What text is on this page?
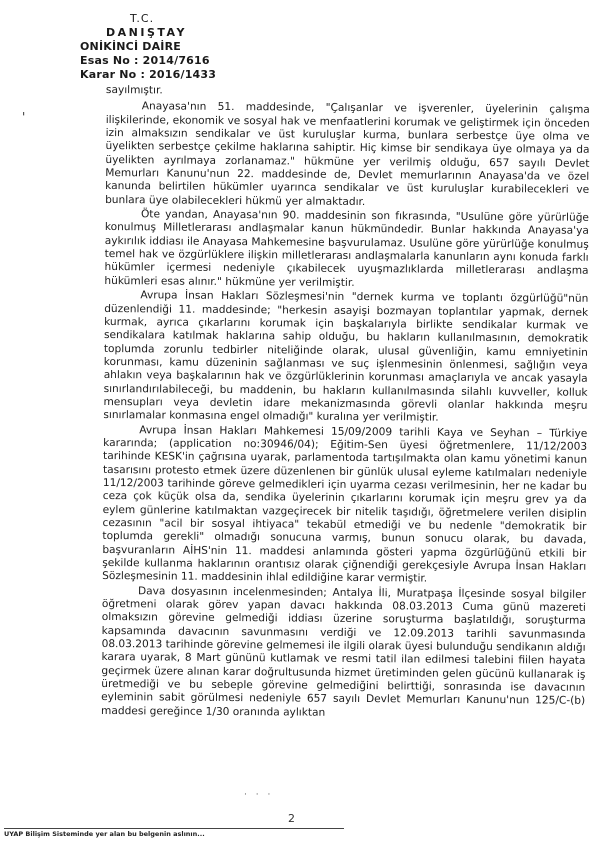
T.C.
DANIŞTAY
ONİKİNCİ DAİRE
Esas No : 2014/7616
Karar No : 2016/1433
'

sayılmıştır.

Anayasa'nın 51. maddesinde, "Çalışanlar ve işverenler, üyelerinin çalışma ilişkilerinde, ekonomik ve sosyal hak ve menfaatlerini korumak ve geliştirmek için önceden izin almaksızın sendikalar ve üst kuruluşlar kurma, bunlara serbestçe üye olma ve üyelikten serbestçe çekilme haklarına sahiptir. Hiç kimse bir sendikaya üye olmaya ya da üyelikten ayrılmaya zorlanamaz." hükmüne yer verilmiş olduğu, 657 sayılı Devlet Memurları Kanunu'nun 22. maddesinde de, Devlet memurlarının Anayasa'da ve özel kanunda belirtilen hükümler uyarınca sendikalar ve üst kuruluşlar kurabilecekleri ve bunlara üye olabilecekleri hükmü yer almaktadır.

Öte yandan, Anayasa'nın 90. maddesinin son fıkrasında, "Usulüne göre yürürlüğe konulmuş Milletlerarası andlaşmalar kanun hükmündedir. Bunlar hakkında Anayasa'ya aykırılık iddiası ile Anayasa Mahkemesine başvurulamaz. Usulüne göre yürürlüğe konulmuş temel hak ve özgürlüklere ilişkin milletlerarası andlaşmalarla kanunların aynı konuda farklı hükümler içermesi nedeniyle çıkabilecek uyuşmazlıklarda milletlerarası andlaşma hükümleri esas alınır." hükmüne yer verilmiştir.

Avrupa İnsan Hakları Sözleşmesi'nin "dernek kurma ve toplantı özgürlüğü"nün düzenlendiği 11. maddesinde; "herkesin asayişi bozmayan toplantılar yapmak, dernek kurmak, ayrıca çıkarlarını korumak için başkalarıyla birlikte sendikalar kurmak ve sendikalara katılmak haklarına sahip olduğu, bu hakların kullanılmasının, demokratik toplumda zorunlu tedbirler niteliğinde olarak, ulusal güvenliğin, kamu emniyetinin korunması, kamu düzeninin sağlanması ve suç işlenmesinin önlenmesi, sağlığın veya ahlakın veya başkalarının hak ve özgürlüklerinin korunması amaçlarıyla ve ancak yasayla sınırlandırılabileceği, bu maddenin, bu hakların kullanılmasında silahlı kuvveller, kolluk mensupları veya devletin idare mekanizmasında görevli olanlar hakkında meşru sınırlamalar konmasına engel olmadığı" kuralına yer verilmiştir.

Avrupa İnsan Hakları Mahkemesi 15/09/2009 tarihli Kaya ve Seyhan – Türkiye kararında; (application no:30946/04); Eğitim-Sen üyesi öğretmenlere, 11/12/2003 tarihinde KESK'in çağrısına uyarak, parlamentoda tartışılmakta olan kamu yönetimi kanun tasarısını protesto etmek üzere düzenlenen bir günlük ulusal eyleme katılmaları nedeniyle 11/12/2003 tarihinde göreve gelmedikleri için uyarma cezası verilmesinin, her ne kadar bu ceza çok küçük olsa da, sendika üyelerinin çıkarlarını korumak için meşru grev ya da eylem günlerine katılmaktan vazgeçirecek bir nitelik taşıdığı, öğretmelere verilen disiplin cezasının "acil bir sosyal ihtiyaca" tekabül etmediği ve bu nedenle "demokratik bir toplumda gerekli" olmadığı sonucuna varmış, bunun sonucu olarak, bu davada, başvuranların AİHS'nin 11. maddesi anlamında gösteri yapma özgürlüğünü etkili bir şekilde kullanma haklarının orantısız olarak çiğnendiği gerekçesiyle Avrupa İnsan Hakları Sözleşmesinin 11. maddesinin ihlal edildiğine karar vermiştir.

Dava dosyasının incelenmesinden; Antalya İli, Muratpaşa İlçesinde sosyal bilgiler öğretmeni olarak görev yapan davacı hakkında 08.03.2013 Cuma günü mazereti olmaksızın görevine gelmediği iddiası üzerine soruşturma başlatıldığı, soruşturma kapsamında davacının savunmasını verdiği ve 12.09.2013 tarihli savunmasında 08.03.2013 tarihinde görevine gelmemesi ile ilgili olarak üyesi bulunduğu sendikanın aldığı karara uyarak, 8 Mart gününü kutlamak ve resmi tatil ilan edilmesi talebini fiilen hayata geçirmek üzere alınan karar doğrultusunda hizmet üretiminden gelen gücünü kullanarak iş üretmediği ve bu sebeple görevine gelmediğini belirttiği, sonrasında ise davacının eyleminin sabit görülmesi nedeniyle 657 sayılı Devlet Memurları Kanunu'nun 125/C-(b) maddesi gereğince 1/30 oranında aylıktan

· · ·
2
UYAP Bilişim Sisteminde yer alan bu belgenin aslının...
